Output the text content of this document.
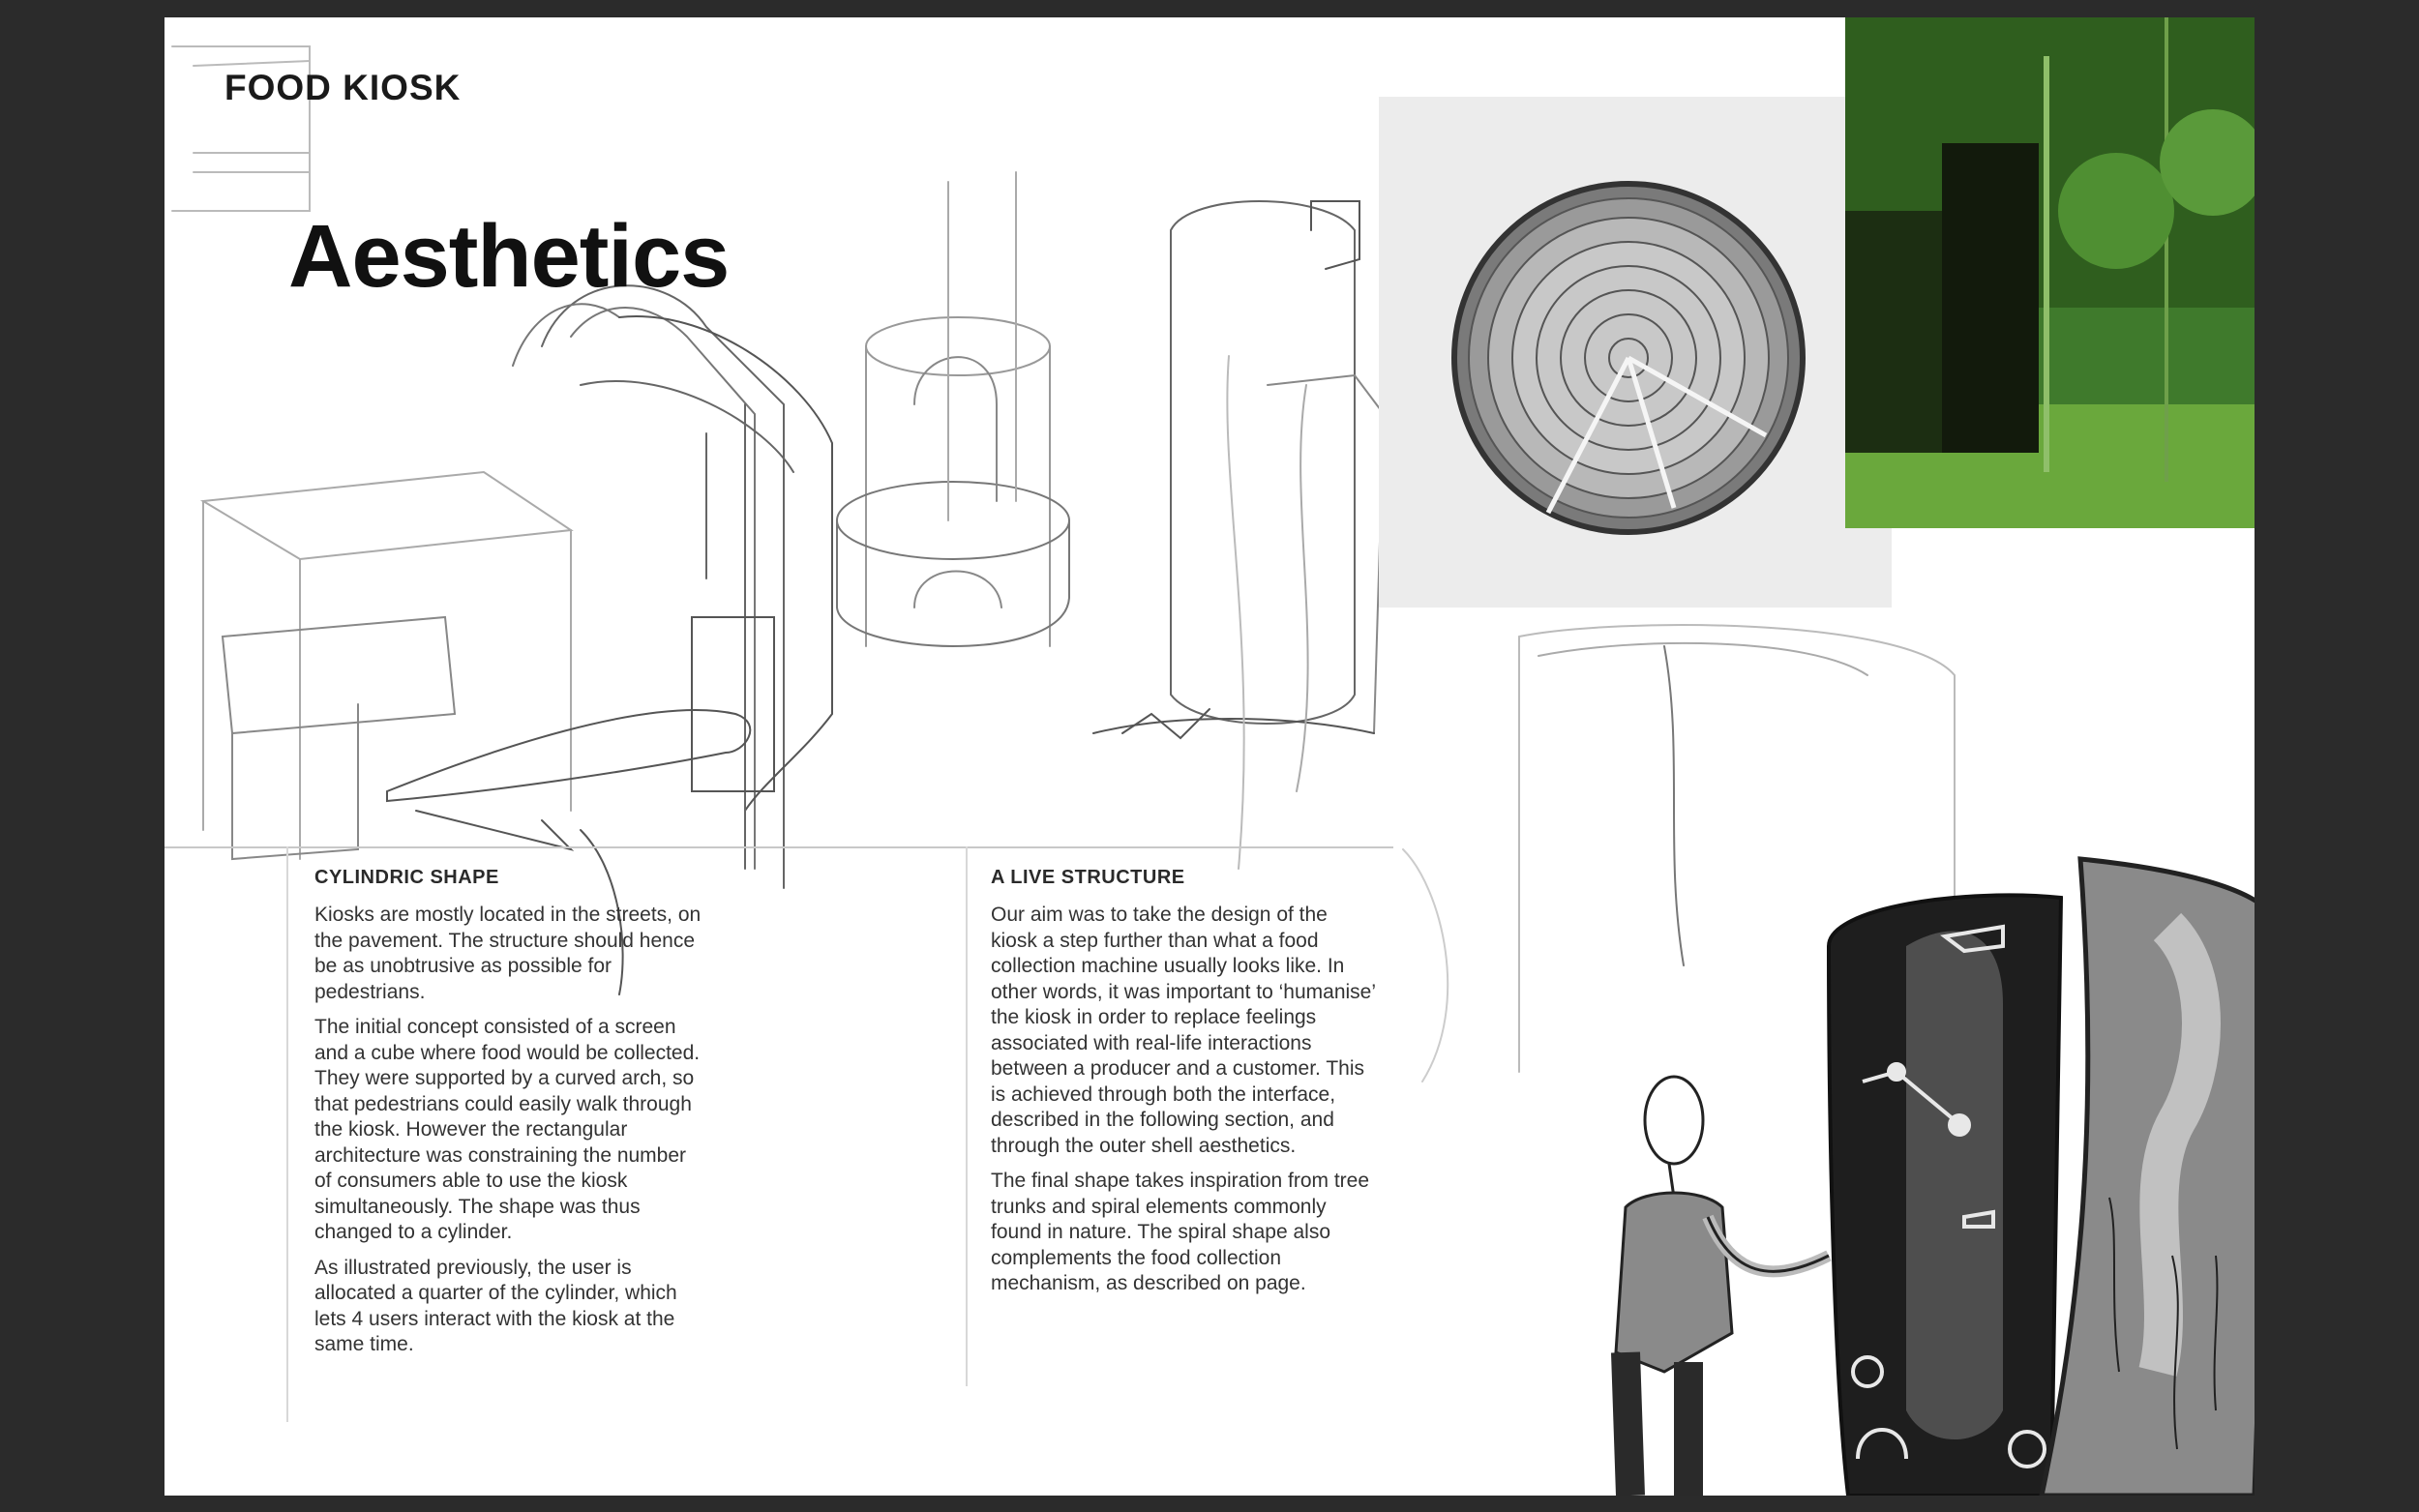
FOOD KIOSK
Aesthetics
CYLINDRIC SHAPE

Kiosks are mostly located in the streets, on the pavement. The structure should hence be as unobtrusive as possible for pedestrians.

The initial concept consisted of a screen and a cube where food would be collected. They were supported by a curved arch, so that pedestrians could easily walk through the kiosk. However the rectangular architecture was constraining the number of consumers able to use the kiosk simultaneously. The shape was thus changed to a cylinder.

As illustrated previously, the user is allocated a quarter of the cylinder, which lets 4 users interact with the kiosk at the same time.

A LIVE STRUCTURE

Our aim was to take the design of the kiosk a step further than what a food collection machine usually looks like. In other words, it was important to ‘humanise’ the kiosk in order to replace feelings associated with real-life interactions between a producer and a customer. This is achieved through both the interface, described in the following section, and through the outer shell aesthetics.

The final shape takes inspiration from tree trunks and spiral elements commonly found in nature. The spiral shape also complements the food collection mechanism, as described on page.
